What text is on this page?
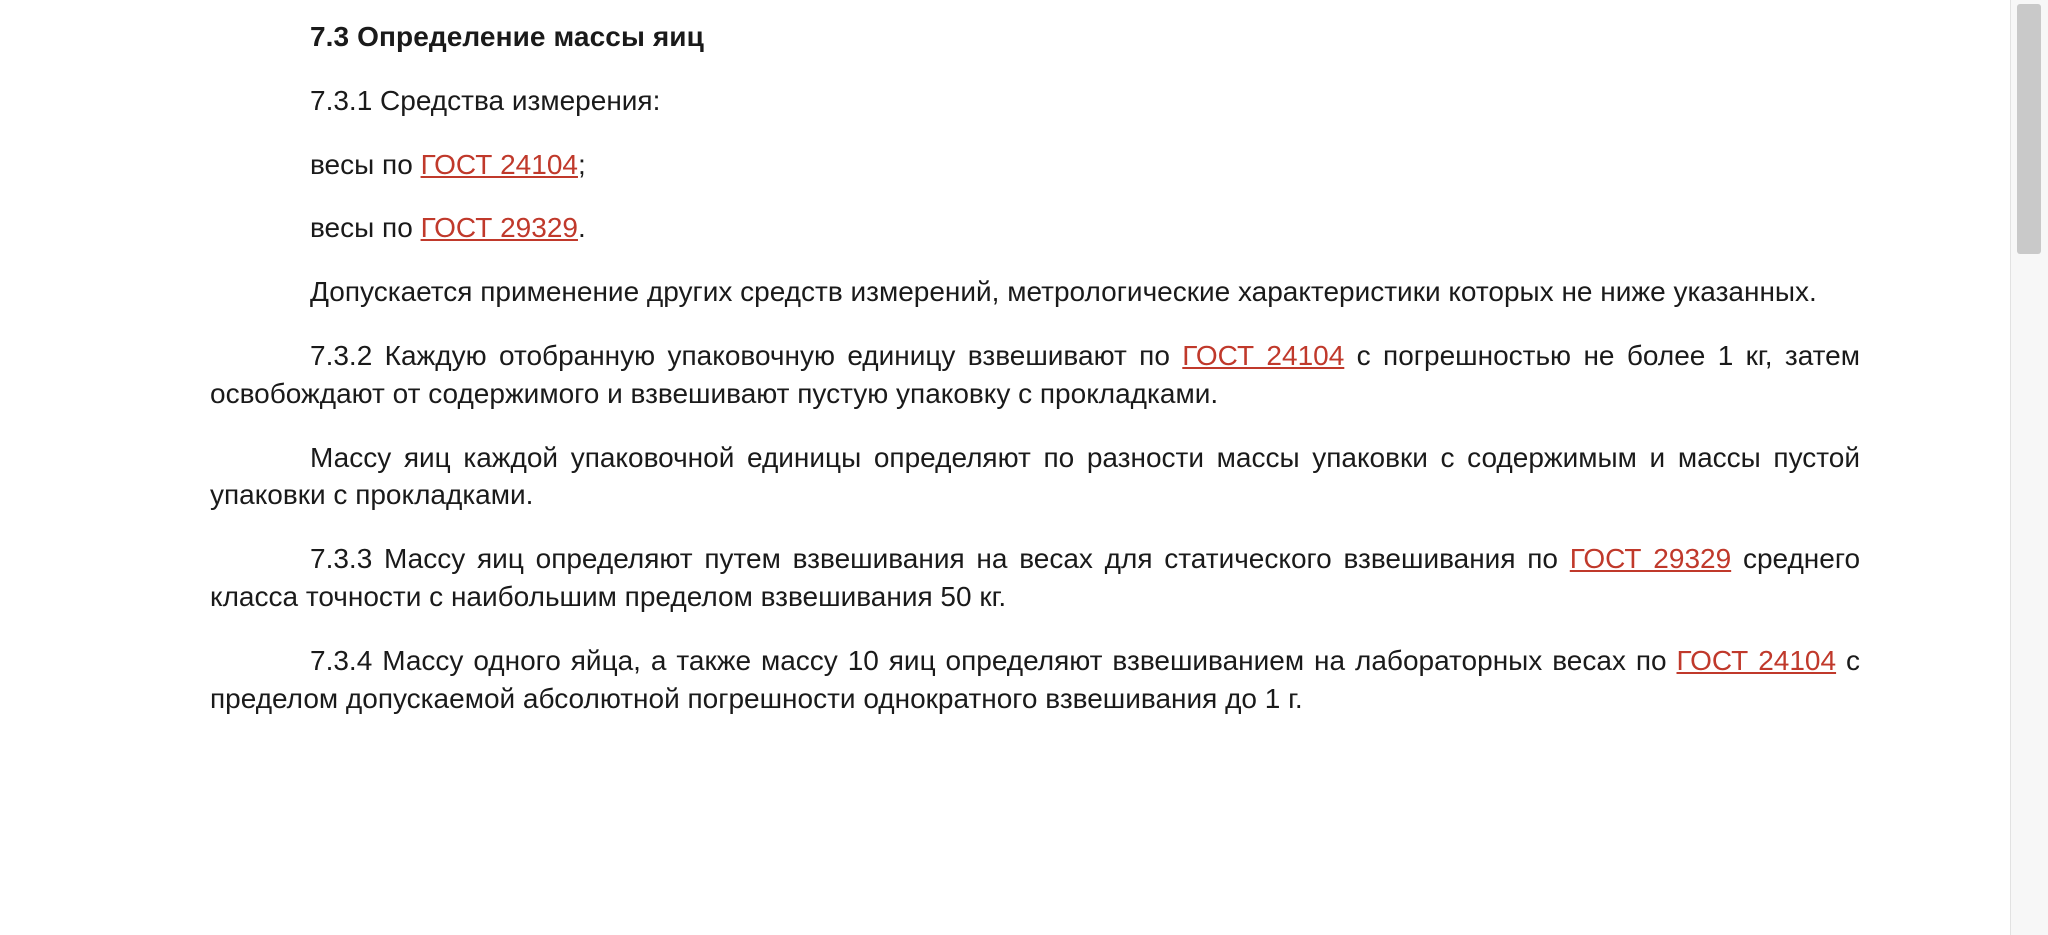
7.3 Определение массы яиц

7.3.1 Средства измерения:

весы по ГОСТ 24104;

весы по ГОСТ 29329.

Допускается применение других средств измерений, метрологические характеристики которых не ниже указанных.

7.3.2 Каждую отобранную упаковочную единицу взвешивают по ГОСТ 24104 с погрешностью не более 1 кг, затем освобождают от содержимого и взвешивают пустую упаковку с прокладками.

Массу яиц каждой упаковочной единицы определяют по разности массы упаковки с содержимым и массы пустой упаковки с прокладками.

7.3.3 Массу яиц определяют путем взвешивания на весах для статического взвешивания по ГОСТ 29329 среднего класса точности с наибольшим пределом взвешивания 50 кг.

7.3.4 Массу одного яйца, а также массу 10 яиц определяют взвешиванием на лабораторных весах по ГОСТ 24104 с пределом допускаемой абсолютной погрешности однократного взвешивания до 1 г.
